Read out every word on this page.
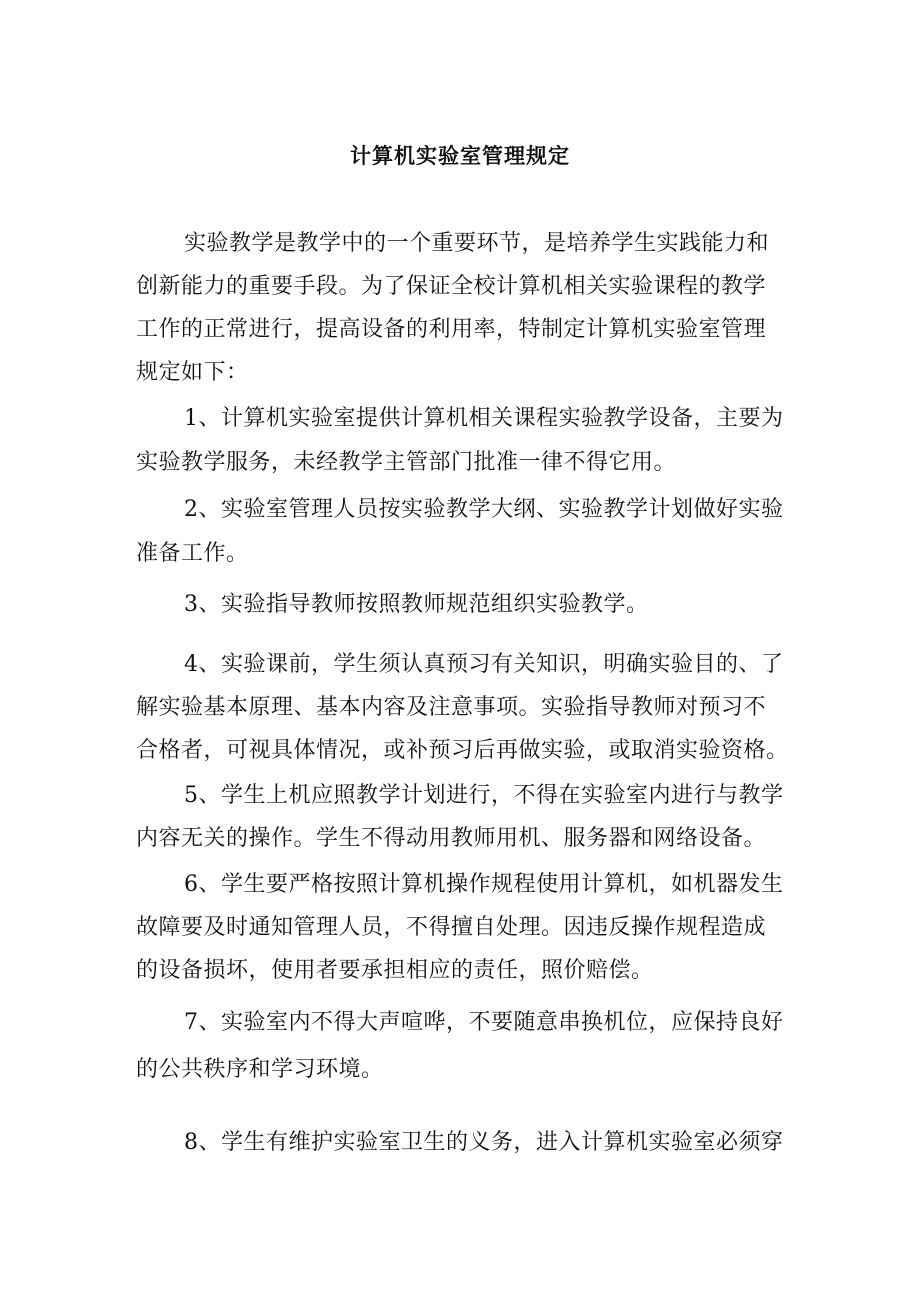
计算机实验室管理规定
实验教学是教学中的一个重要环节，是培养学生实践能力和
创新能力的重要手段。为了保证全校计算机相关实验课程的教学
工作的正常进行，提高设备的利用率，特制定计算机实验室管理
规定如下：
1、计算机实验室提供计算机相关课程实验教学设备，主要为
实验教学服务，未经教学主管部门批准一律不得它用。
2、实验室管理人员按实验教学大纲、实验教学计划做好实验
准备工作。
3、实验指导教师按照教师规范组织实验教学。
4、实验课前，学生须认真预习有关知识，明确实验目的、了
解实验基本原理、基本内容及注意事项。实验指导教师对预习不
合格者，可视具体情况，或补预习后再做实验，或取消实验资格。
5、学生上机应照教学计划进行，不得在实验室内进行与教学
内容无关的操作。学生不得动用教师用机、服务器和网络设备。
6、学生要严格按照计算机操作规程使用计算机，如机器发生
故障要及时通知管理人员，不得擅自处理。因违反操作规程造成
的设备损坏，使用者要承担相应的责任，照价赔偿。
7、实验室内不得大声喧哗，不要随意串换机位，应保持良好
的公共秩序和学习环境。
8、学生有维护实验室卫生的义务，进入计算机实验室必须穿
